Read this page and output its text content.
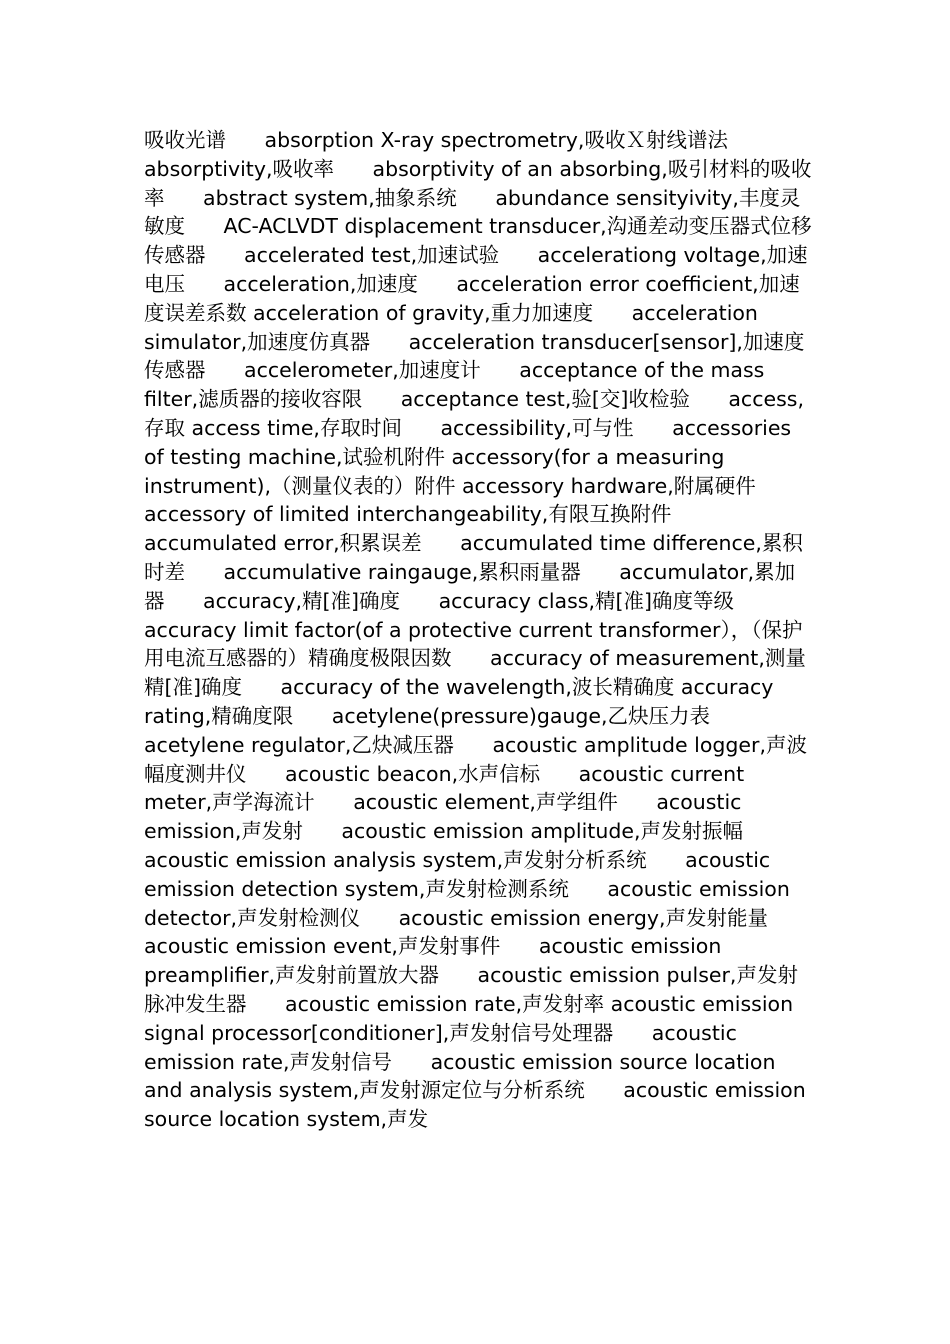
吸收光谱 absorption X-ray spectrometry,吸收Ｘ射线谱法 absorptivity,吸收率 absorptivity of an absorbing,吸引材料的吸收率 abstract system,抽象系统 abundance sensityivity,丰度灵敏度 AC-ACLVDT displacement transducer,沟通差动变压器式位移传感器 accelerated test,加速试验 accelerationg voltage,加速电压 acceleration,加速度 acceleration error coefficient,加速度误差系数 acceleration of gravity,重力加速度 acceleration simulator,加速度仿真器 acceleration transducer[sensor],加速度传感器 accelerometer,加速度计 acceptance of the mass filter,滤质器的接收容限 acceptance test,验[交]收检验 access,存取 access time,存取时间 accessibility,可与性 accessories of testing machine,试验机附件 accessory(for a measuring instrument),（测量仪表的）附件 accessory hardware,附属硬件 accessory of limited interchangeability,有限互换附件 accumulated error,积累误差 accumulated time difference,累积时差 accumulative raingauge,累积雨量器 accumulator,累加器 accuracy,精[准]确度 accuracy class,精[准]确度等级 accuracy limit factor(of a protective current transformer），（保护用电流互感器的）精确度极限因数 accuracy of measurement,测量精[准]确度 accuracy of the wavelength,波长精确度 accuracy rating,精确度限 acetylene(pressure)gauge,乙炔压力表 acetylene regulator,乙炔减压器 acoustic amplitude logger,声波幅度测井仪 acoustic beacon,水声信标 acoustic current meter,声学海流计 acoustic element,声学组件 acoustic emission,声发射 acoustic emission amplitude,声发射振幅 acoustic emission analysis system,声发射分析系统 acoustic emission detection system,声发射检测系统 acoustic emission detector,声发射检测仪 acoustic emission energy,声发射能量 acoustic emission event,声发射事件 acoustic emission preamplifier,声发射前置放大器 acoustic emission pulser,声发射脉冲发生器 acoustic emission rate,声发射率 acoustic emission signal processor[conditioner],声发射信号处理器 acoustic emission rate,声发射信号 acoustic emission source location and analysis system,声发射源定位与分析系统 acoustic emission source location system,声发
